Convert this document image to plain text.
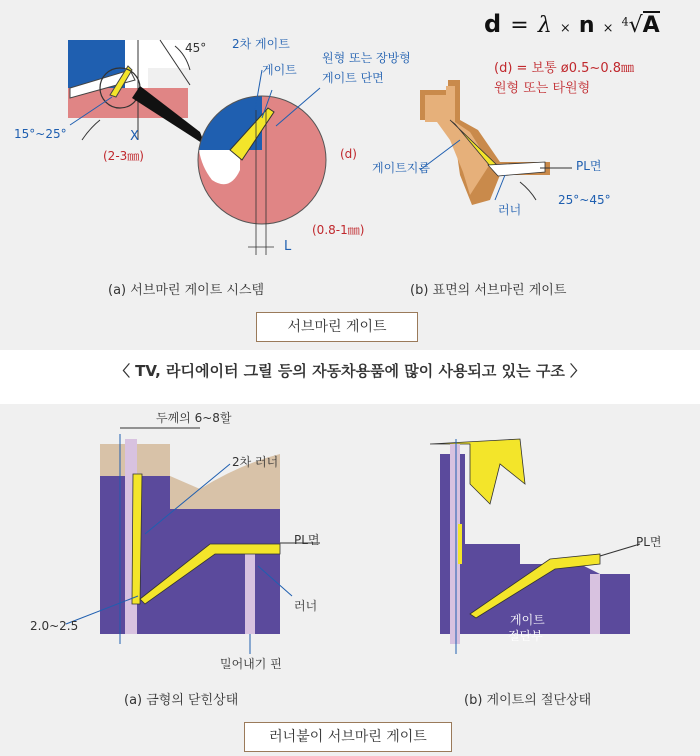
45° 2차 게이트
게이트
원형 또는 장방형
게이트 단면
(d)
15°~25°	X
(2-3㎜)
(0.8-1㎜)
L
d = λ × n × $^4$√A
(d) = 보통 ø0.5~0.8㎜
원형 또는 타원형
게이트지름	PL면
러너
25°~45°
(a) 서브마린 게이트 시스템	(b) 표면의 서브마린 게이트
서브마린 게이트
〈 TV, 라디에이터 그릴 등의 자동차용품에 많이 사용되고 있는 구조 〉
두께의 6~8할
2차 러너
PL면
러너
2.0~2.5
밀어내기 핀
PL면
게이트
절단부
(a) 금형의 닫힌상태	(b) 게이트의 절단상태
러너붙이 서브마린 게이트
